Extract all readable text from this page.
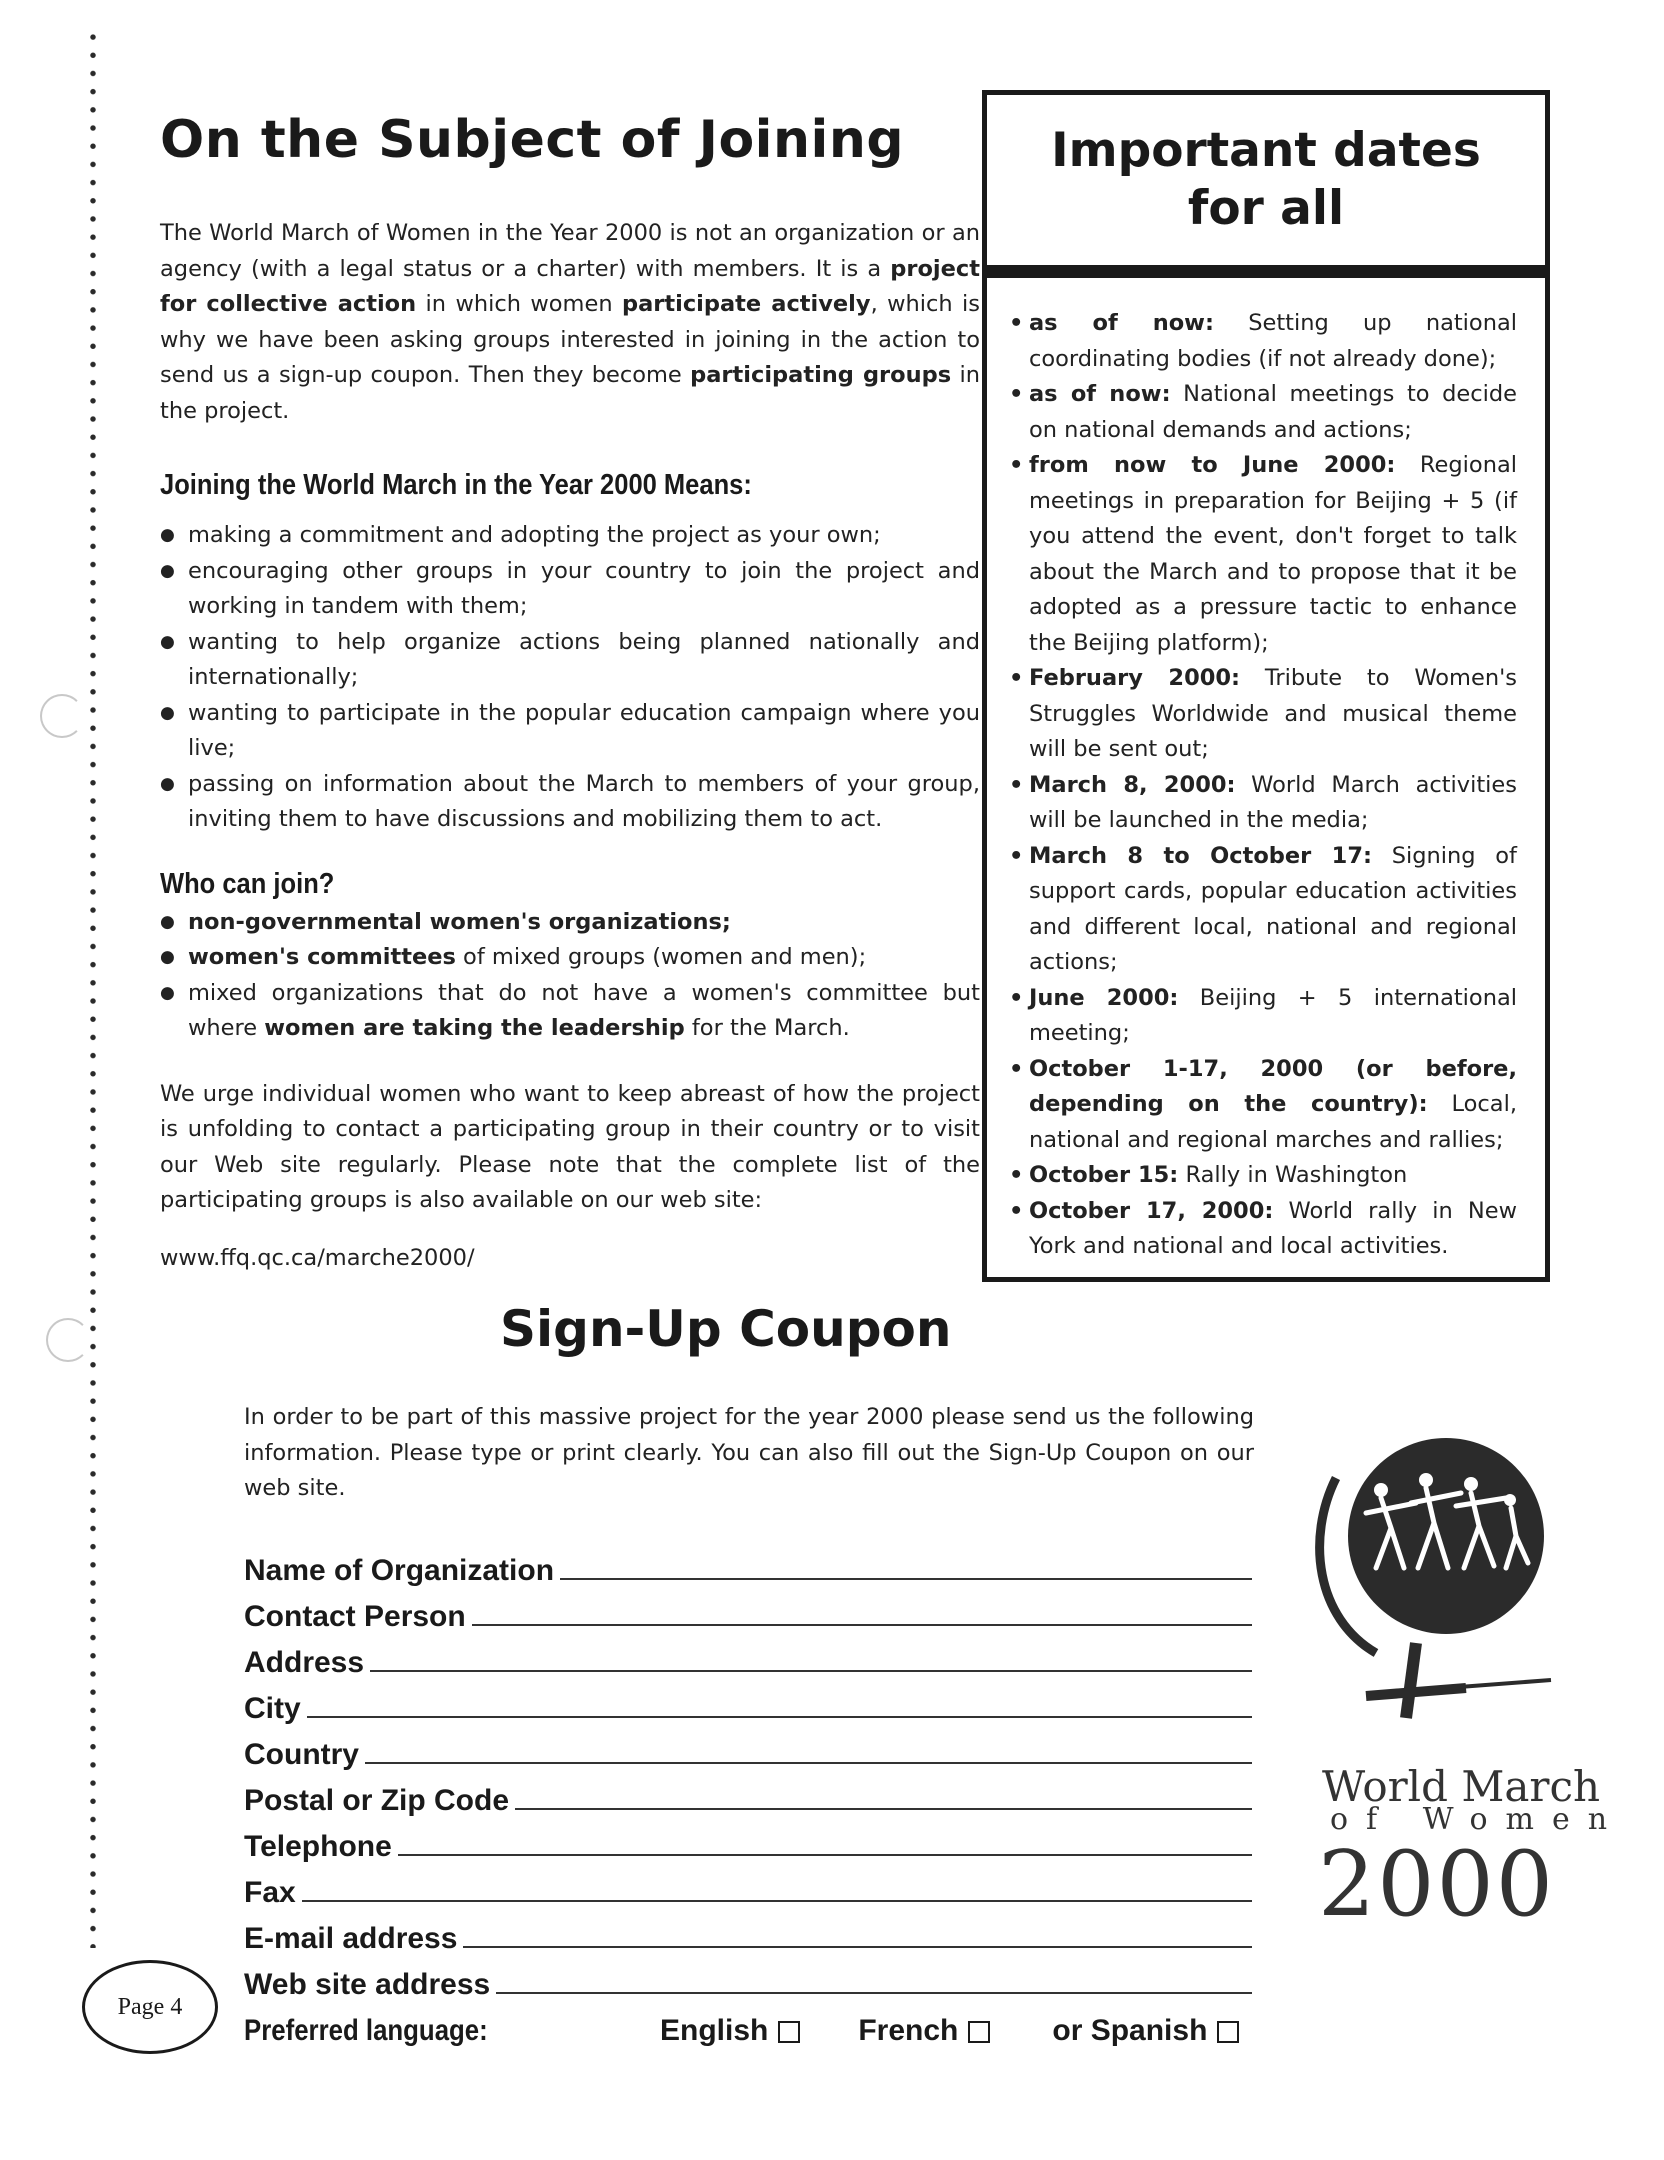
On the Subject of Joining

The World March of Women in the Year 2000 is not an organization or an agency (with a legal status or a charter) with members. It is a project for collective action in which women participate actively, which is why we have been asking groups interested in joining in the action to send us a sign-up coupon. Then they become participating groups in the project.

Joining the World March in the Year 2000 Means:
● making a commitment and adopting the project as your own;
● encouraging other groups in your country to join the project and working in tandem with them;
● wanting to help organize actions being planned nationally and internationally;
● wanting to participate in the popular education campaign where you live;
● passing on information about the March to members of your group, inviting them to have discussions and mobilizing them to act.
Who can join?
● non-governmental women's organizations;
● women's committees of mixed groups (women and men);
● mixed organizations that do not have a women's committee but where women are taking the leadership for the March.

We urge individual women who want to keep abreast of how the project is unfolding to contact a participating group in their country or to visit our Web site regularly. Please note that the complete list of the participating groups is also available on our web site:

www.ffq.qc.ca/marche2000/

Important dates for all
• as of now: Setting up national coordinating bodies (if not already done);
• as of now: National meetings to decide on national demands and actions;
• from now to June 2000: Regional meetings in preparation for Beijing + 5 (if you attend the event, don't forget to talk about the March and to propose that it be adopted as a pressure tactic to enhance the Beijing platform);
• February 2000: Tribute to Women's Struggles Worldwide and musical theme will be sent out;
• March 8, 2000: World March activities will be launched in the media;
• March 8 to October 17: Signing of support cards, popular education activities and different local, national and regional actions;
• June 2000: Beijing + 5 international meeting;
• October 1-17, 2000 (or before, depending on the country): Local, national and regional marches and rallies;
• October 15: Rally in Washington
• October 17, 2000: World rally in New York and national and local activities.
Sign-Up Coupon
In order to be part of this massive project for the year 2000 please send us the following information. Please type or print clearly. You can also fill out the Sign-Up Coupon on our web site.
Name of Organization
Contact Person
Address
City
Country
Postal or Zip Code
Telephone
Fax
E-mail address
Web site address
Preferred language:	English	French	or Spanish
World March
of Women
2000
Page 4
